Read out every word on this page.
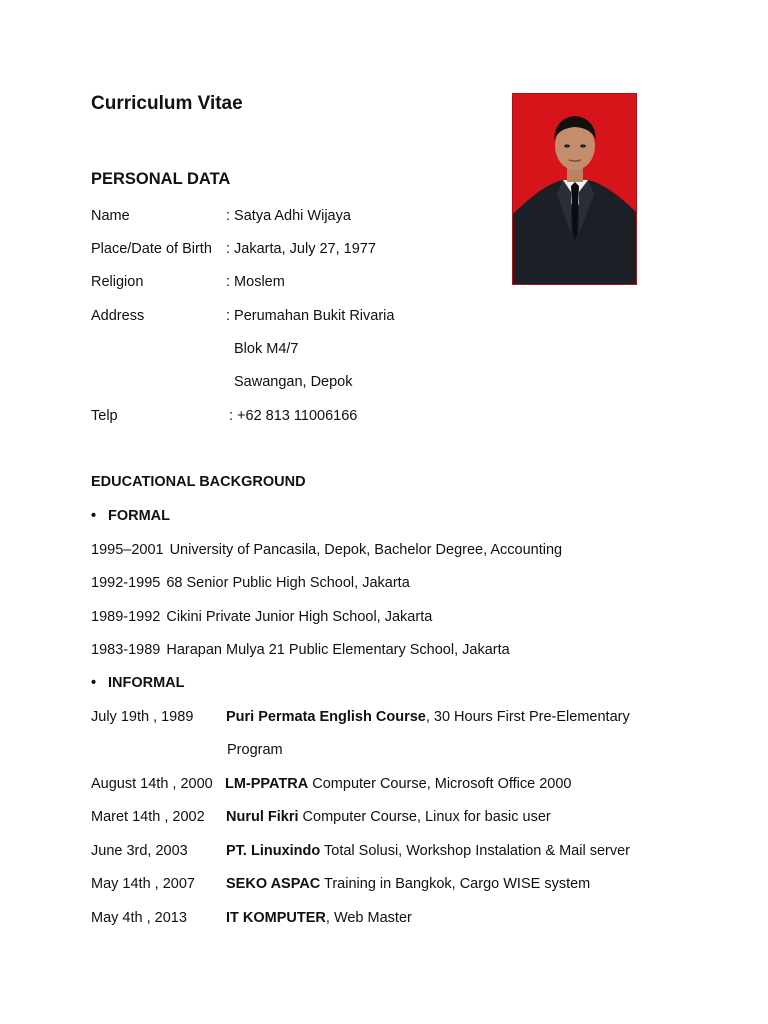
Curriculum Vitae
PERSONAL DATA
Name	: Satya Adhi Wijaya
Place/Date of Birth : Jakarta, July 27, 1977
Religion	: Moslem
Address	: Perumahan Bukit Rivaria
Blok M4/7
Sawangan, Depok
Telp	: +62 813 11006166
EDUCATIONAL BACKGROUND
• FORMAL
1995–2001 University of Pancasila, Depok, Bachelor Degree, Accounting
1992-1995 68 Senior Public High School, Jakarta
1989-1992 Cikini Private Junior High School, Jakarta
1983-1989 Harapan Mulya 21 Public Elementary School, Jakarta
• INFORMAL
July 19th , 1989 Puri Permata English Course, 30 Hours First Pre-Elementary
Program
August 14th , 2000 LM-PPATRA Computer Course, Microsoft Office 2000
Maret 14th , 2002 Nurul Fikri Computer Course, Linux for basic user
June 3rd, 2003	PT. Linuxindo Total Solusi, Workshop Instalation & Mail server
May 14th , 2007 SEKO ASPAC Training in Bangkok, Cargo WISE system
May 4th , 2013	IT KOMPUTER, Web Master
